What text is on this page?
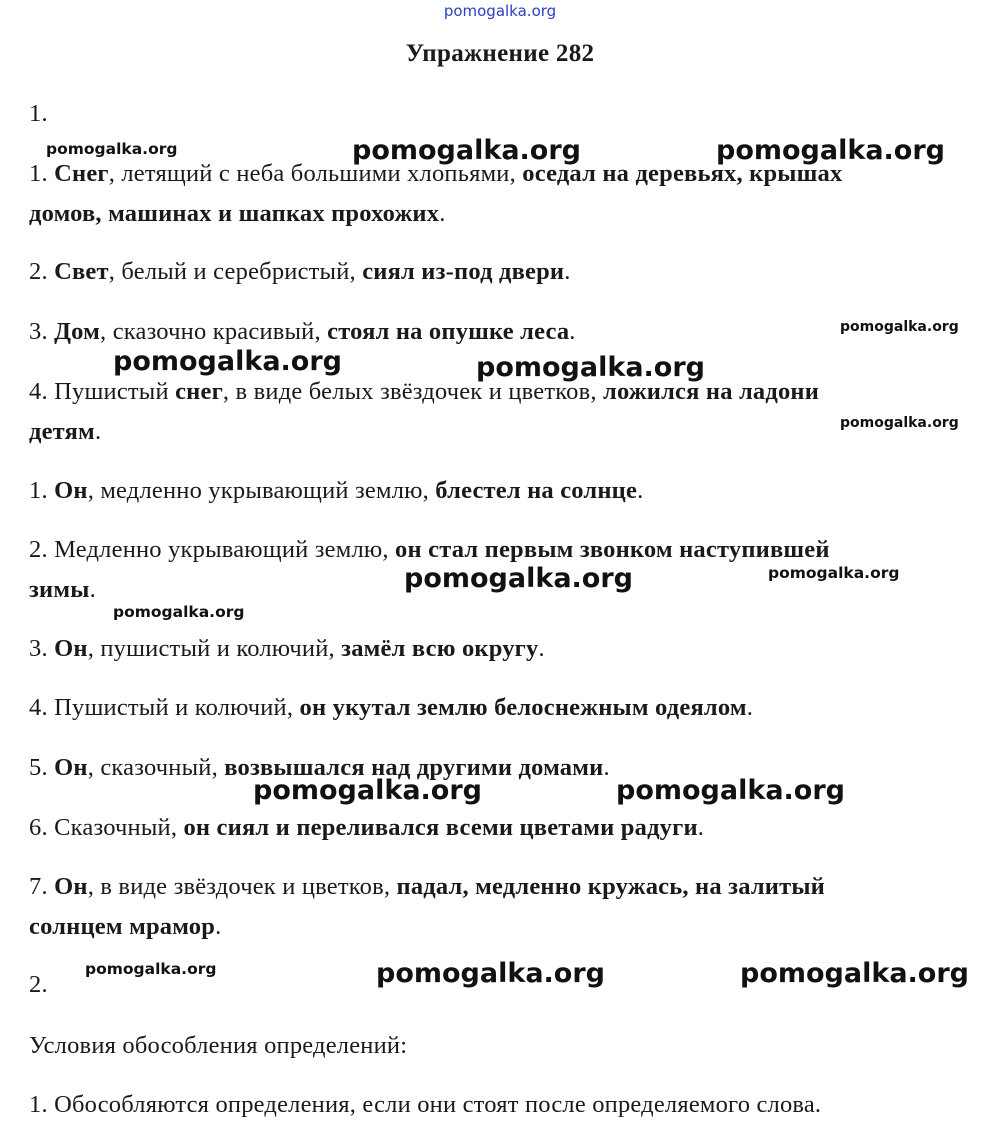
pomogalka.org
Упражнение 282
1.
1. Снег, летящий с неба большими хлопьями, оседал на деревьях, крышах
домов, машинах и шапках прохожих.
2. Свет, белый и серебристый, сиял из-под двери.
3. Дом, сказочно красивый, стоял на опушке леса.
4. Пушистый снег, в виде белых звёздочек и цветков, ложился на ладони
детям.
1. Он, медленно укрывающий землю, блестел на солнце.
2. Медленно укрывающий землю, он стал первым звонком наступившей
зимы.
3. Он, пушистый и колючий, замёл всю округу.
4. Пушистый и колючий, он укутал землю белоснежным одеялом.
5. Он, сказочный, возвышался над другими домами.
6. Сказочный, он сиял и переливался всеми цветами радуги.
7. Он, в виде звёздочек и цветков, падал, медленно кружась, на залитый
солнцем мрамор.
2.
Условия обособления определений:
1. Обособляются определения, если они стоят после определяемого слова.
pomogalka.org	pomogalka.org	pomogalka.org
pomogalka.org
pomogalka.org	pomogalka.org
pomogalka.org
pomogalka.org	pomogalka.org
pomogalka.org
pomogalka.org	pomogalka.org
pomogalka.org	pomogalka.org	pomogalka.org
